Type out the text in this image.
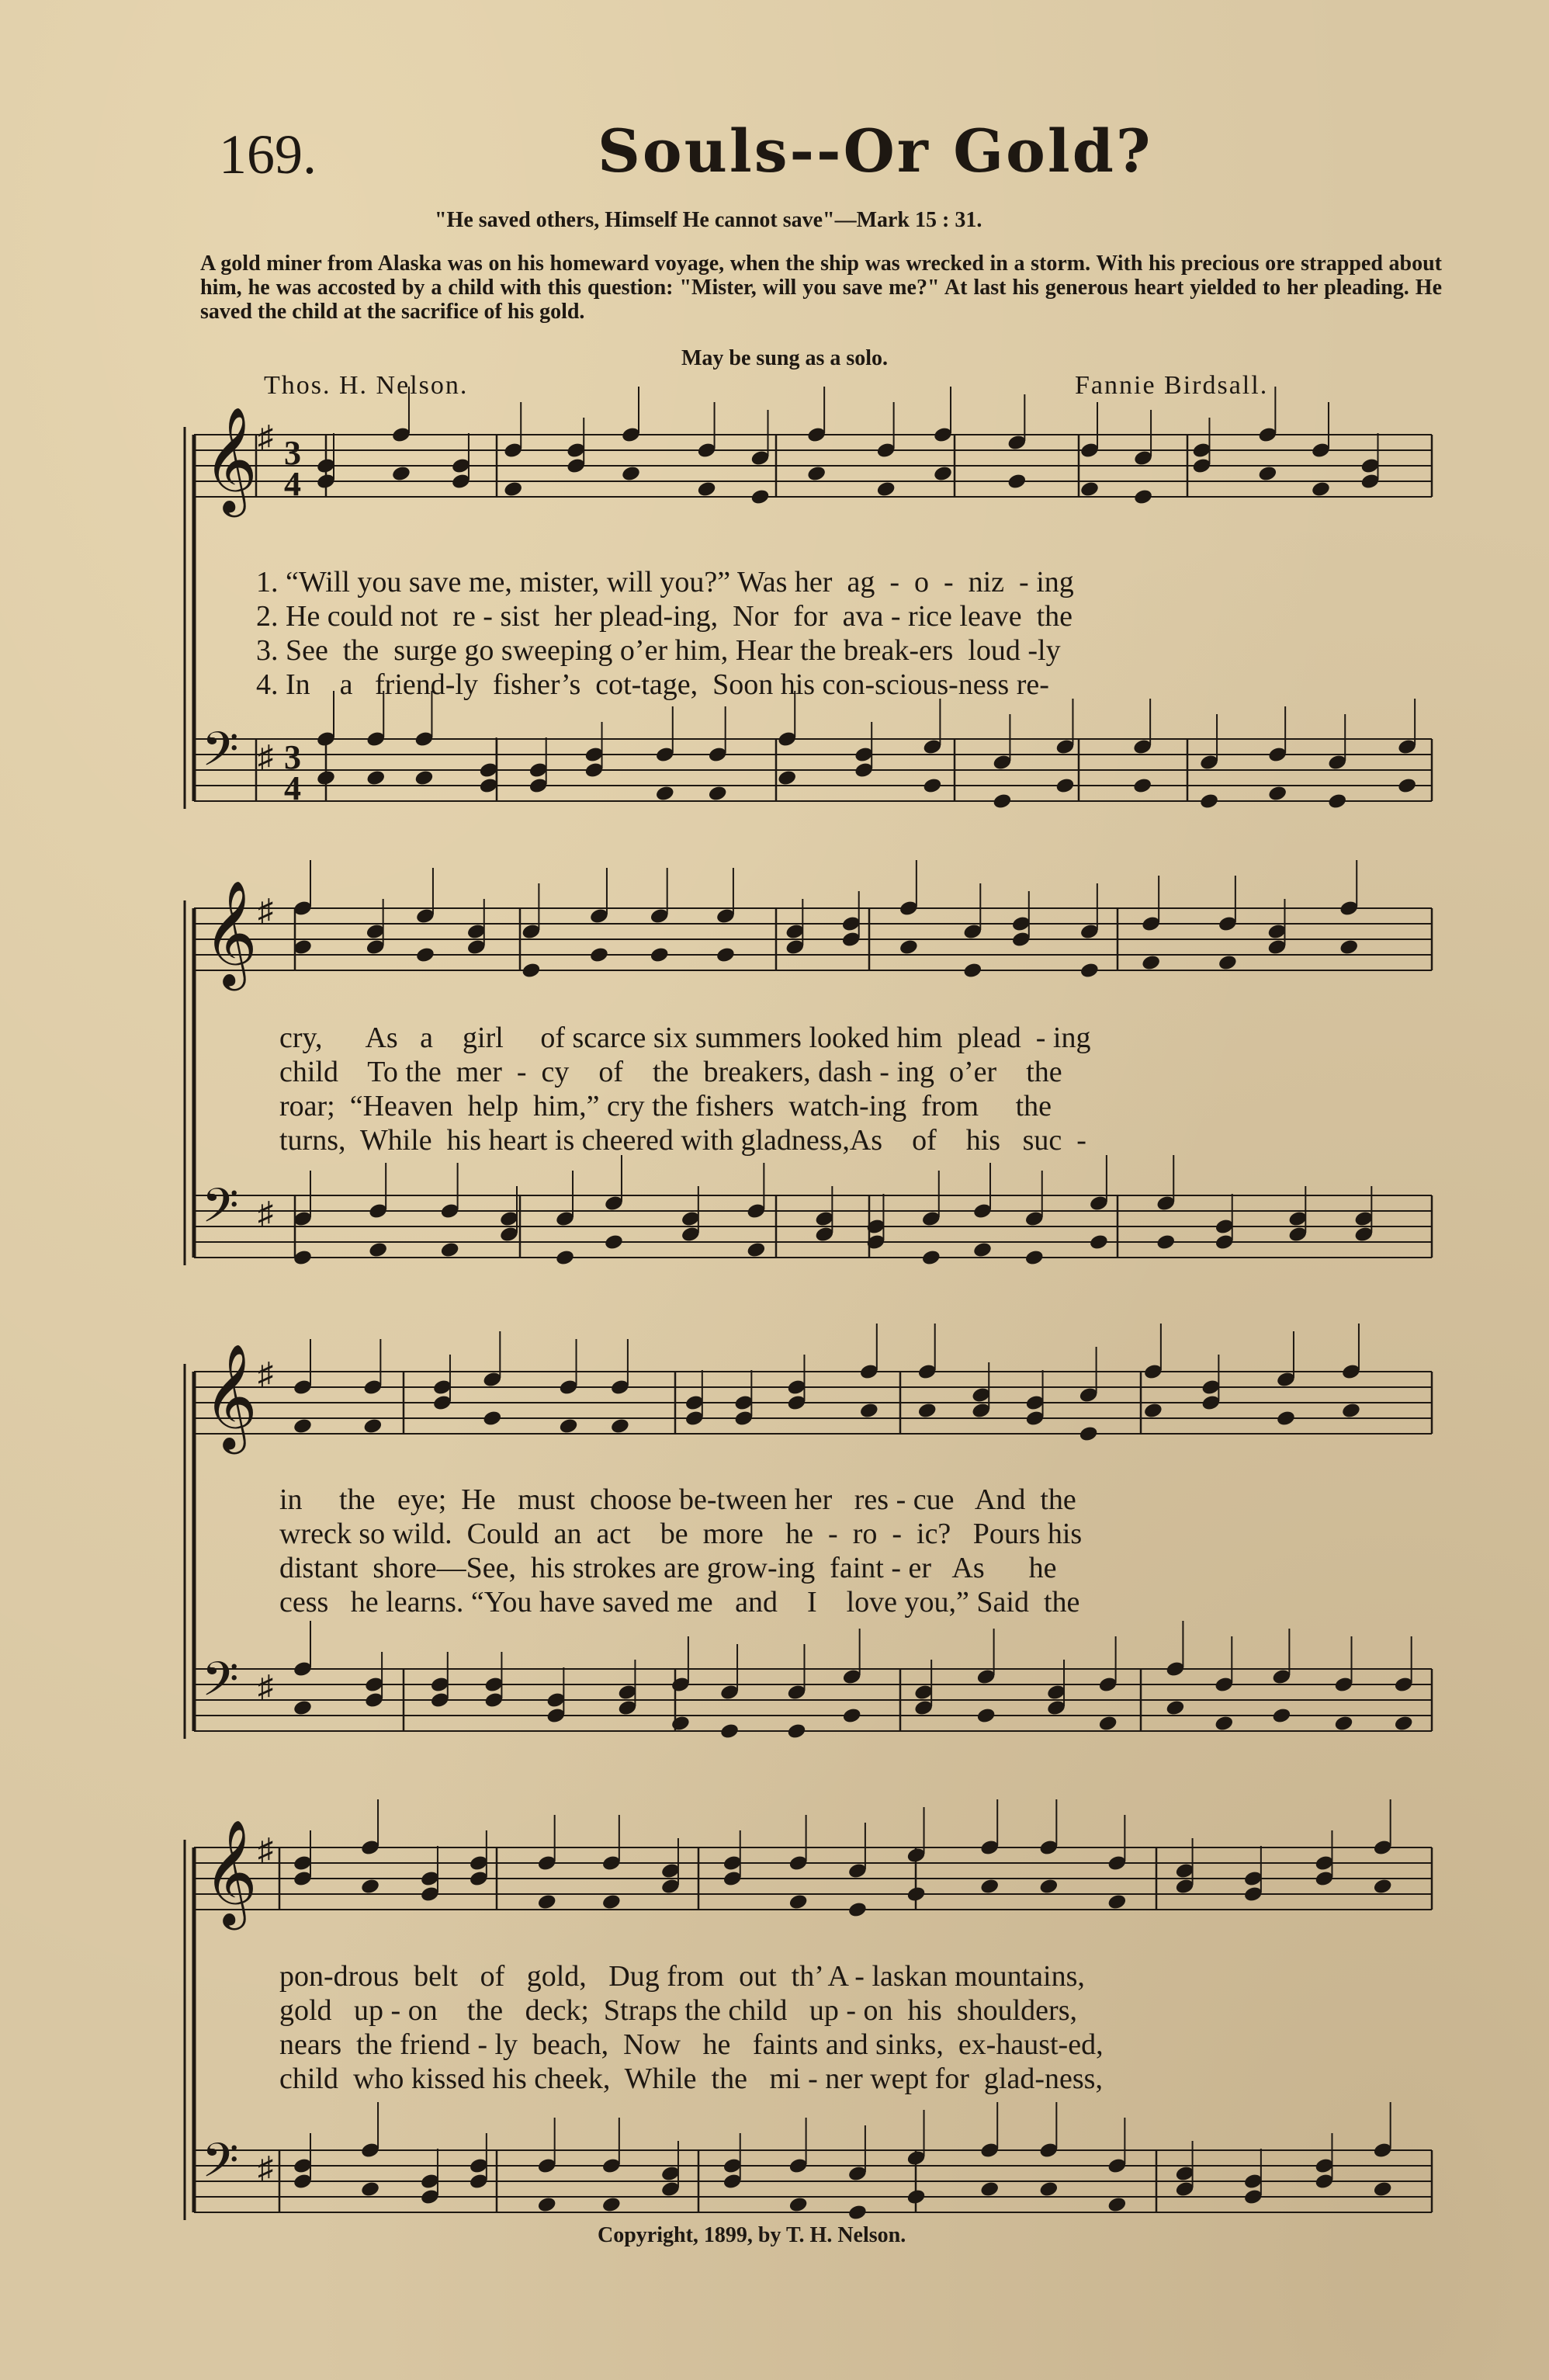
169.	Souls--Or Gold?
"He saved others, Himself He cannot save"—Mark 15 : 31.
A gold miner from Alaska was on his homeward voyage, when the ship was wrecked in a storm. With his precious ore strapped about him, he was accosted by a child with this question: "Mister, will you save me?" At last his generous heart yielded to her pleading. He saved the child at the sacrifice of his gold.
May be sung as a solo.
Thos. H. Nelson.	Fannie Birdsall.
𝄞 ♯ 3
4
𝄢 ♯ 3
4
𝄞 ♯
𝄢 ♯
𝄞 ♯
𝄢 ♯
𝄞 ♯
𝄢 ♯
1. “Will you save me, mister, will you?” Was her  ag  -  o  -  niz  - ing
2. He could not  re - sist  her plead-ing,  Nor  for  ava - rice leave  the
3. See  the  surge go sweeping o’er him, Hear the break-ers  loud -ly
4. In    a   friend-ly  fisher’s  cot-tage,  Soon his con-scious-ness re-
cry,      As   a    girl     of scarce six summers looked him  plead  - ing
child    To the  mer  -  cy    of    the  breakers, dash - ing  o’er    the
roar;  “Heaven  help  him,” cry the fishers  watch-ing  from     the
turns,  While  his heart is cheered with gladness,As    of    his   suc  -
in     the   eye;  He   must  choose be-tween her   res - cue   And  the
wreck so wild.  Could  an  act    be  more   he  -  ro  -  ic?   Pours his
distant  shore—See,  his strokes are grow-ing  faint - er   As      he
cess   he learns. “You have saved me   and    I    love you,” Said  the
pon-drous  belt   of   gold,   Dug from  out  th’ A - laskan mountains,
gold   up - on    the   deck;  Straps the child   up - on  his  shoulders,
nears  the friend - ly  beach,  Now   he   faints and sinks,  ex-haust-ed,
child  who kissed his cheek,  While  the   mi - ner wept for  glad-ness,
Copyright, 1899, by T. H. Nelson.
